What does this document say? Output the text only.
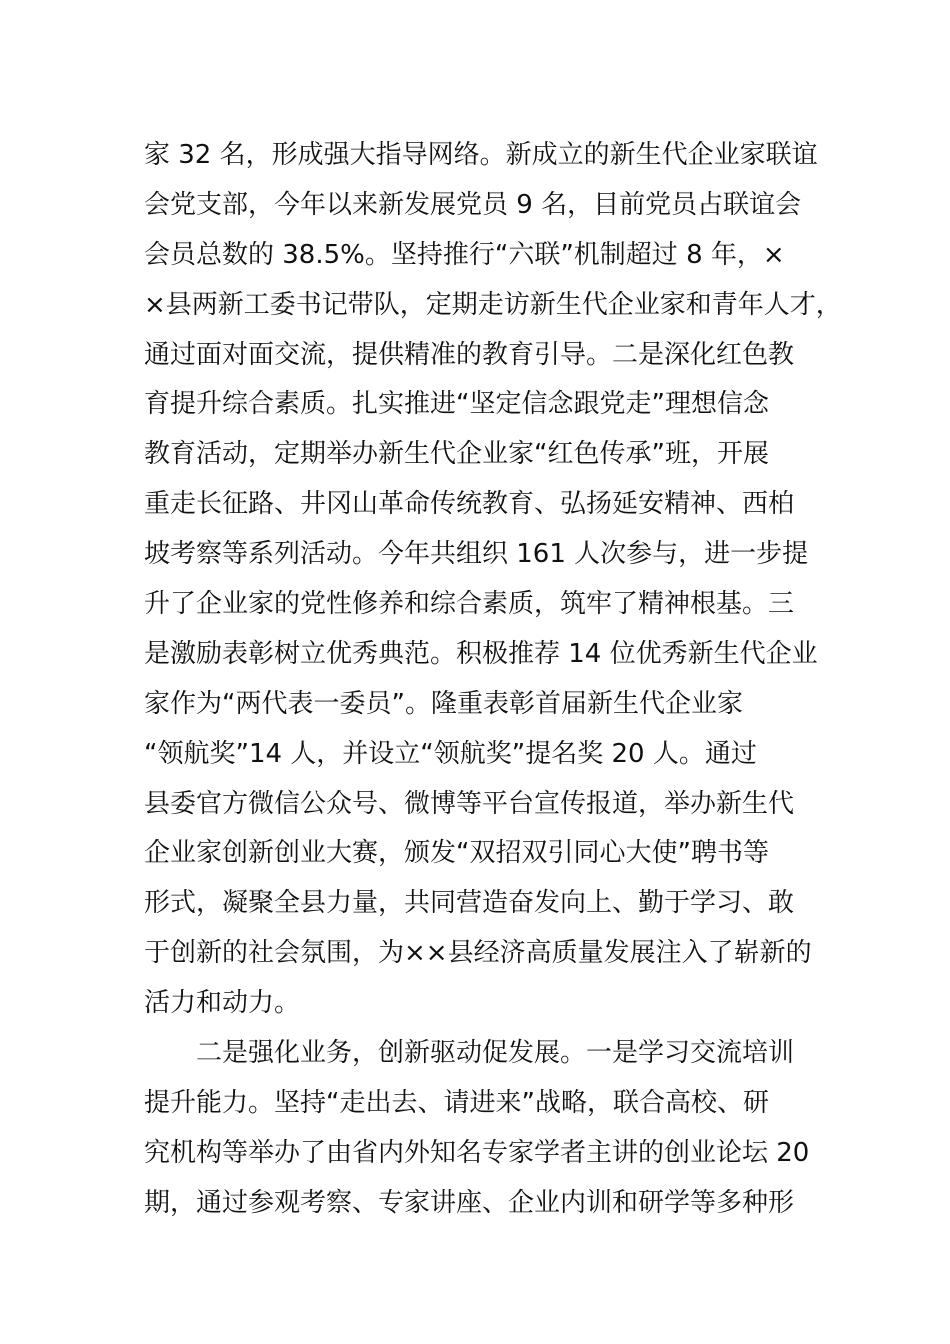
家 32 名，形成强大指导网络。新成立的新生代企业家联谊

会党支部，今年以来新发展党员 9 名，目前党员占联谊会

会员总数的 38.5%。坚持推行“六联”机制超过 8 年，×

×县两新工委书记带队，定期走访新生代企业家和青年人才，

通过面对面交流，提供精准的教育引导。二是深化红色教

育提升综合素质。扎实推进“坚定信念跟党走”理想信念

教育活动，定期举办新生代企业家“红色传承”班，开展

重走长征路、井冈山革命传统教育、弘扬延安精神、西柏

坡考察等系列活动。今年共组织 161 人次参与，进一步提

升了企业家的党性修养和综合素质，筑牢了精神根基。三

是激励表彰树立优秀典范。积极推荐 14 位优秀新生代企业

家作为“两代表一委员”。隆重表彰首届新生代企业家

“领航奖”14 人，并设立“领航奖”提名奖 20 人。通过

县委官方微信公众号、微博等平台宣传报道，举办新生代

企业家创新创业大赛，颁发“双招双引同心大使”聘书等

形式，凝聚全县力量，共同营造奋发向上、勤于学习、敢

于创新的社会氛围，为××县经济高质量发展注入了崭新的

活力和动力。

　　二是强化业务，创新驱动促发展。一是学习交流培训

提升能力。坚持“走出去、请进来”战略，联合高校、研

究机构等举办了由省内外知名专家学者主讲的创业论坛 20

期，通过参观考察、专家讲座、企业内训和研学等多种形
